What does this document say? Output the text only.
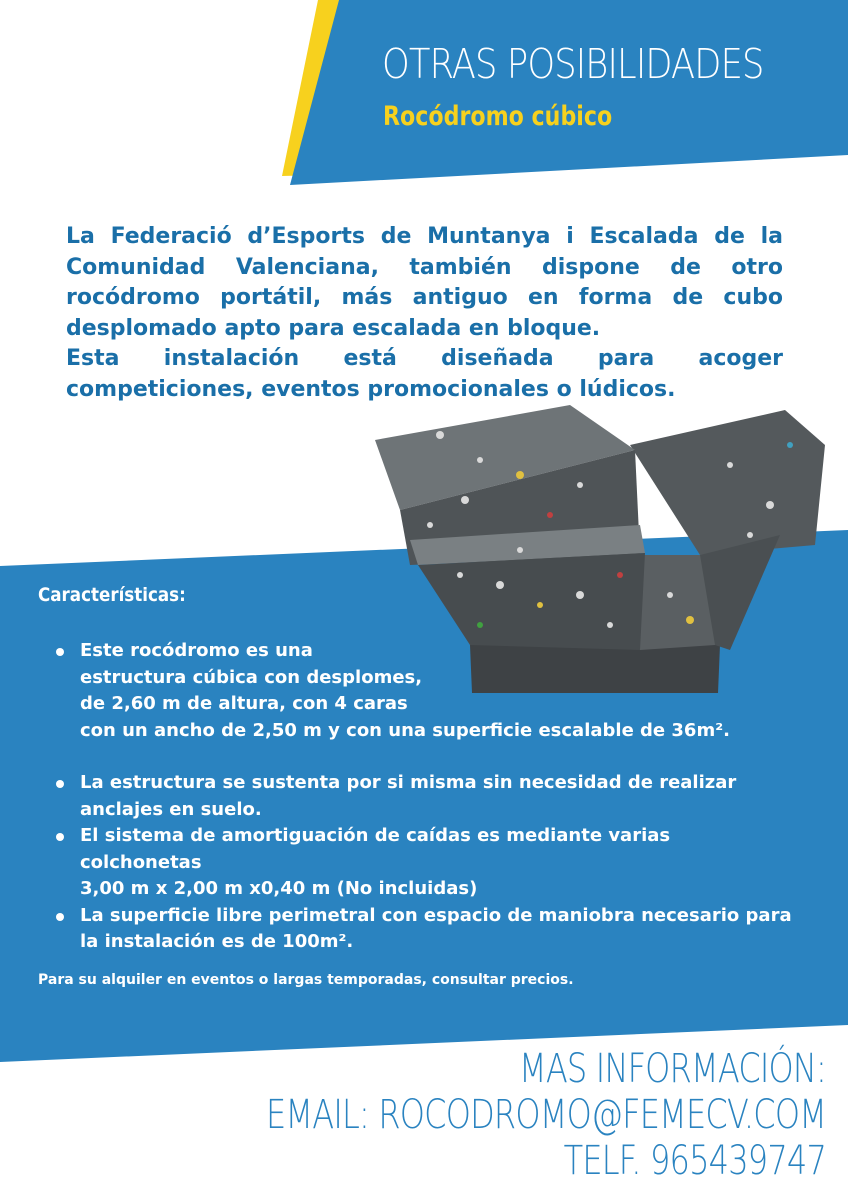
OTRAS POSIBILIDADES
Rocódromo cúbico

La Federació d’Esports de Muntanya i Escalada de la Comunidad Valenciana, también dispone de otro rocódromo portátil, más antiguo en forma de cubo desplomado apto para escalada en bloque.

Esta instalación está diseñada para acoger competiciones, eventos promocionales o lúdicos.

Características:
Este rocódromo es una
estructura cúbica con desplomes,
de 2,60 m de altura, con 4 caras
con un ancho de 2,50 m y con una superficie escalable de 36m².
La estructura se sustenta por si misma sin necesidad de realizar
anclajes en suelo.
El sistema de amortiguación de caídas es mediante varias colchonetas
3,00 m x 2,00 m x0,40 m (No incluidas)
La superficie libre perimetral con espacio de maniobra necesario para
la instalación es de 100m².
Para su alquiler en eventos o largas temporadas, consultar precios.
MAS INFORMACIÓN:
EMAIL: ROCODROMO@FEMECV.COM
TELF. 965439747
